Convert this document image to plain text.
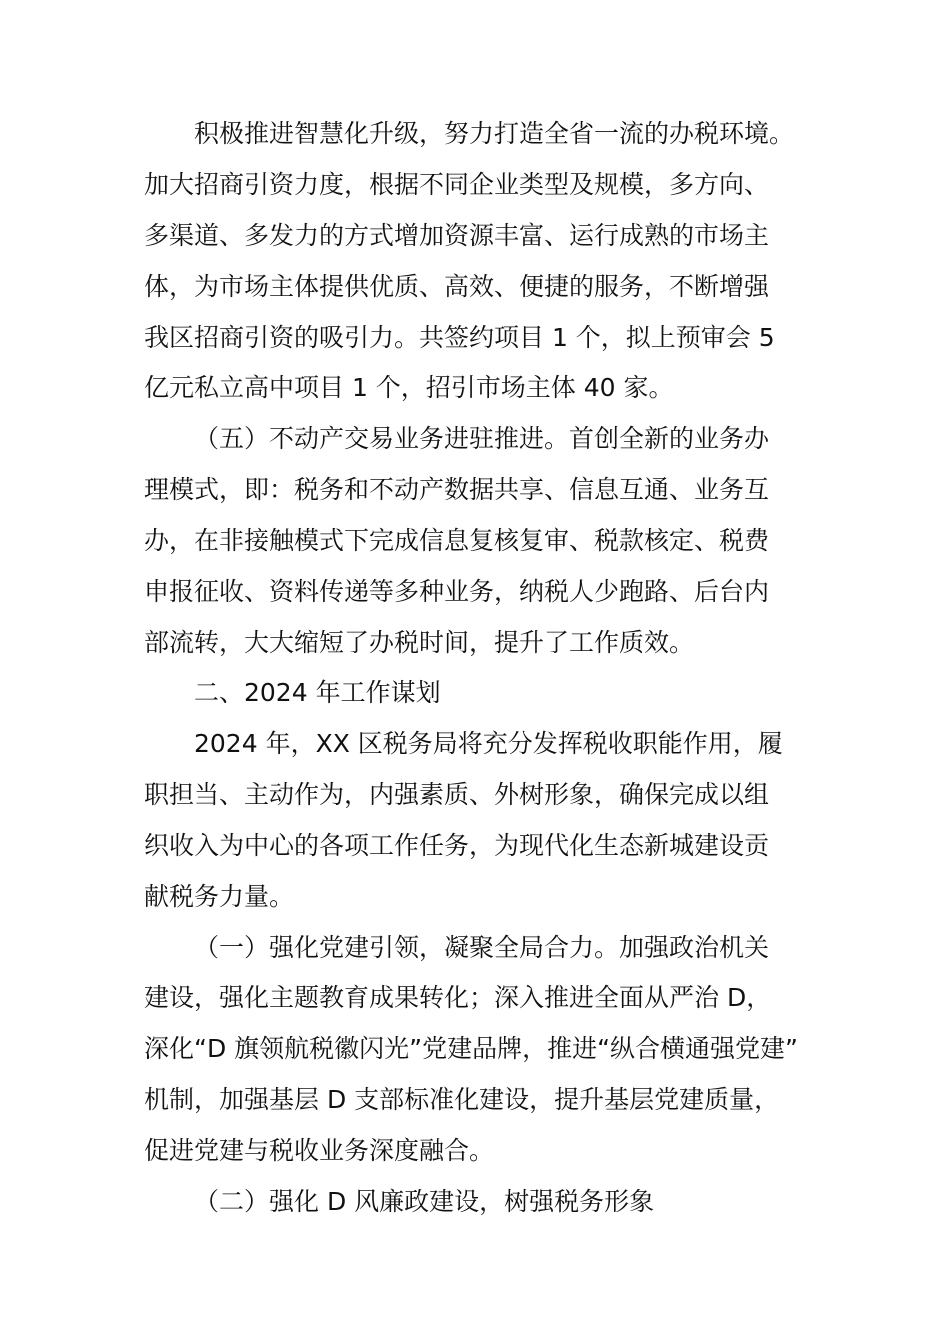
积极推进智慧化升级，努力打造全省一流的办税环境。
加大招商引资力度，根据不同企业类型及规模，多方向、
多渠道、多发力的方式增加资源丰富、运行成熟的市场主
体，为市场主体提供优质、高效、便捷的服务，不断增强
我区招商引资的吸引力。共签约项目 1 个，拟上预审会 5
亿元私立高中项目 1 个，招引市场主体 40 家。
（五）不动产交易业务进驻推进。首创全新的业务办
理模式，即：税务和不动产数据共享、信息互通、业务互
办，在非接触模式下完成信息复核复审、税款核定、税费
申报征收、资料传递等多种业务，纳税人少跑路、后台内
部流转，大大缩短了办税时间，提升了工作质效。
二、2024 年工作谋划
2024 年，XX 区税务局将充分发挥税收职能作用，履
职担当、主动作为，内强素质、外树形象，确保完成以组
织收入为中心的各项工作任务，为现代化生态新城建设贡
献税务力量。
（一）强化党建引领，凝聚全局合力。加强政治机关
建设，强化主题教育成果转化；深入推进全面从严治 D，
深化“D 旗领航税徽闪光”党建品牌，推进“纵合横通强党建”
机制，加强基层 D 支部标准化建设，提升基层党建质量，
促进党建与税收业务深度融合。
（二）强化 D 风廉政建设，树强税务形象
